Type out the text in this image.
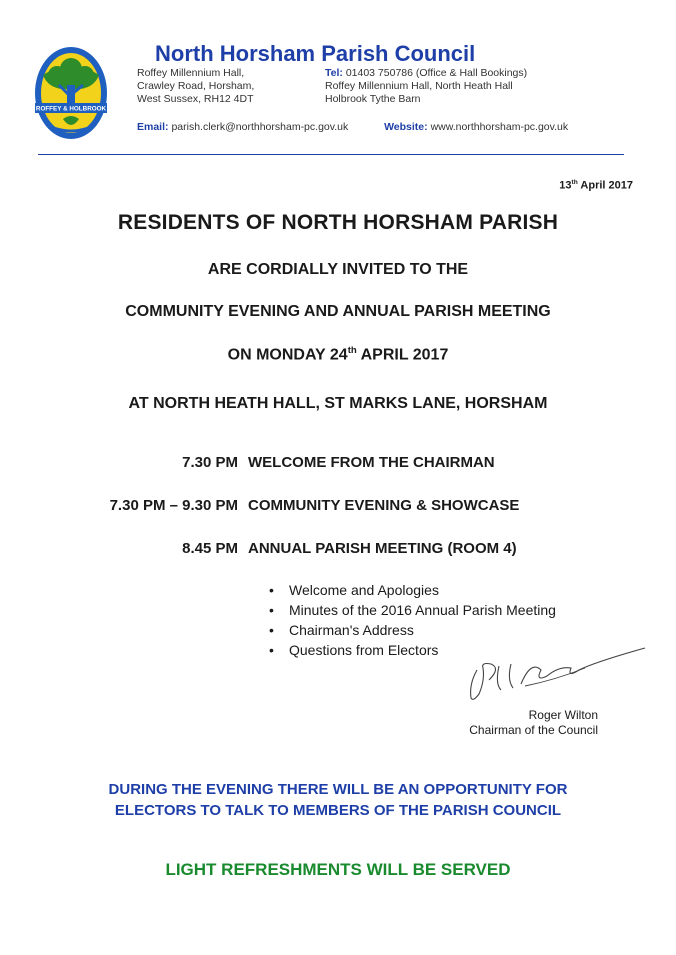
ROFFEY & HOLBROOK
North Horsham Parish Council
Roffey Millennium Hall,
Crawley Road, Horsham,
West Sussex, RH12 4DT
Tel: 01403 750786 (Office & Hall Bookings)
Roffey Millennium Hall, North Heath Hall
Holbrook Tythe Barn
Email: parish.clerk@northhorsham-pc.gov.uk	Website: www.northhorsham-pc.gov.uk
13th April 2017
RESIDENTS OF NORTH HORSHAM PARISH
ARE CORDIALLY INVITED TO THE
COMMUNITY EVENING AND ANNUAL PARISH MEETING
ON MONDAY 24th APRIL 2017
AT NORTH HEATH HALL, ST MARKS LANE, HORSHAM
7.30 PM WELCOME FROM THE CHAIRMAN
7.30 PM – 9.30 PM COMMUNITY EVENING & SHOWCASE
8.45 PM ANNUAL PARISH MEETING (ROOM 4)
• Welcome and Apologies
• Minutes of the 2016 Annual Parish Meeting
• Chairman's Address
• Questions from Electors
Roger Wilton
Chairman of the Council
DURING THE EVENING THERE WILL BE AN OPPORTUNITY FOR
ELECTORS TO TALK TO MEMBERS OF THE PARISH COUNCIL
LIGHT REFRESHMENTS WILL BE SERVED
